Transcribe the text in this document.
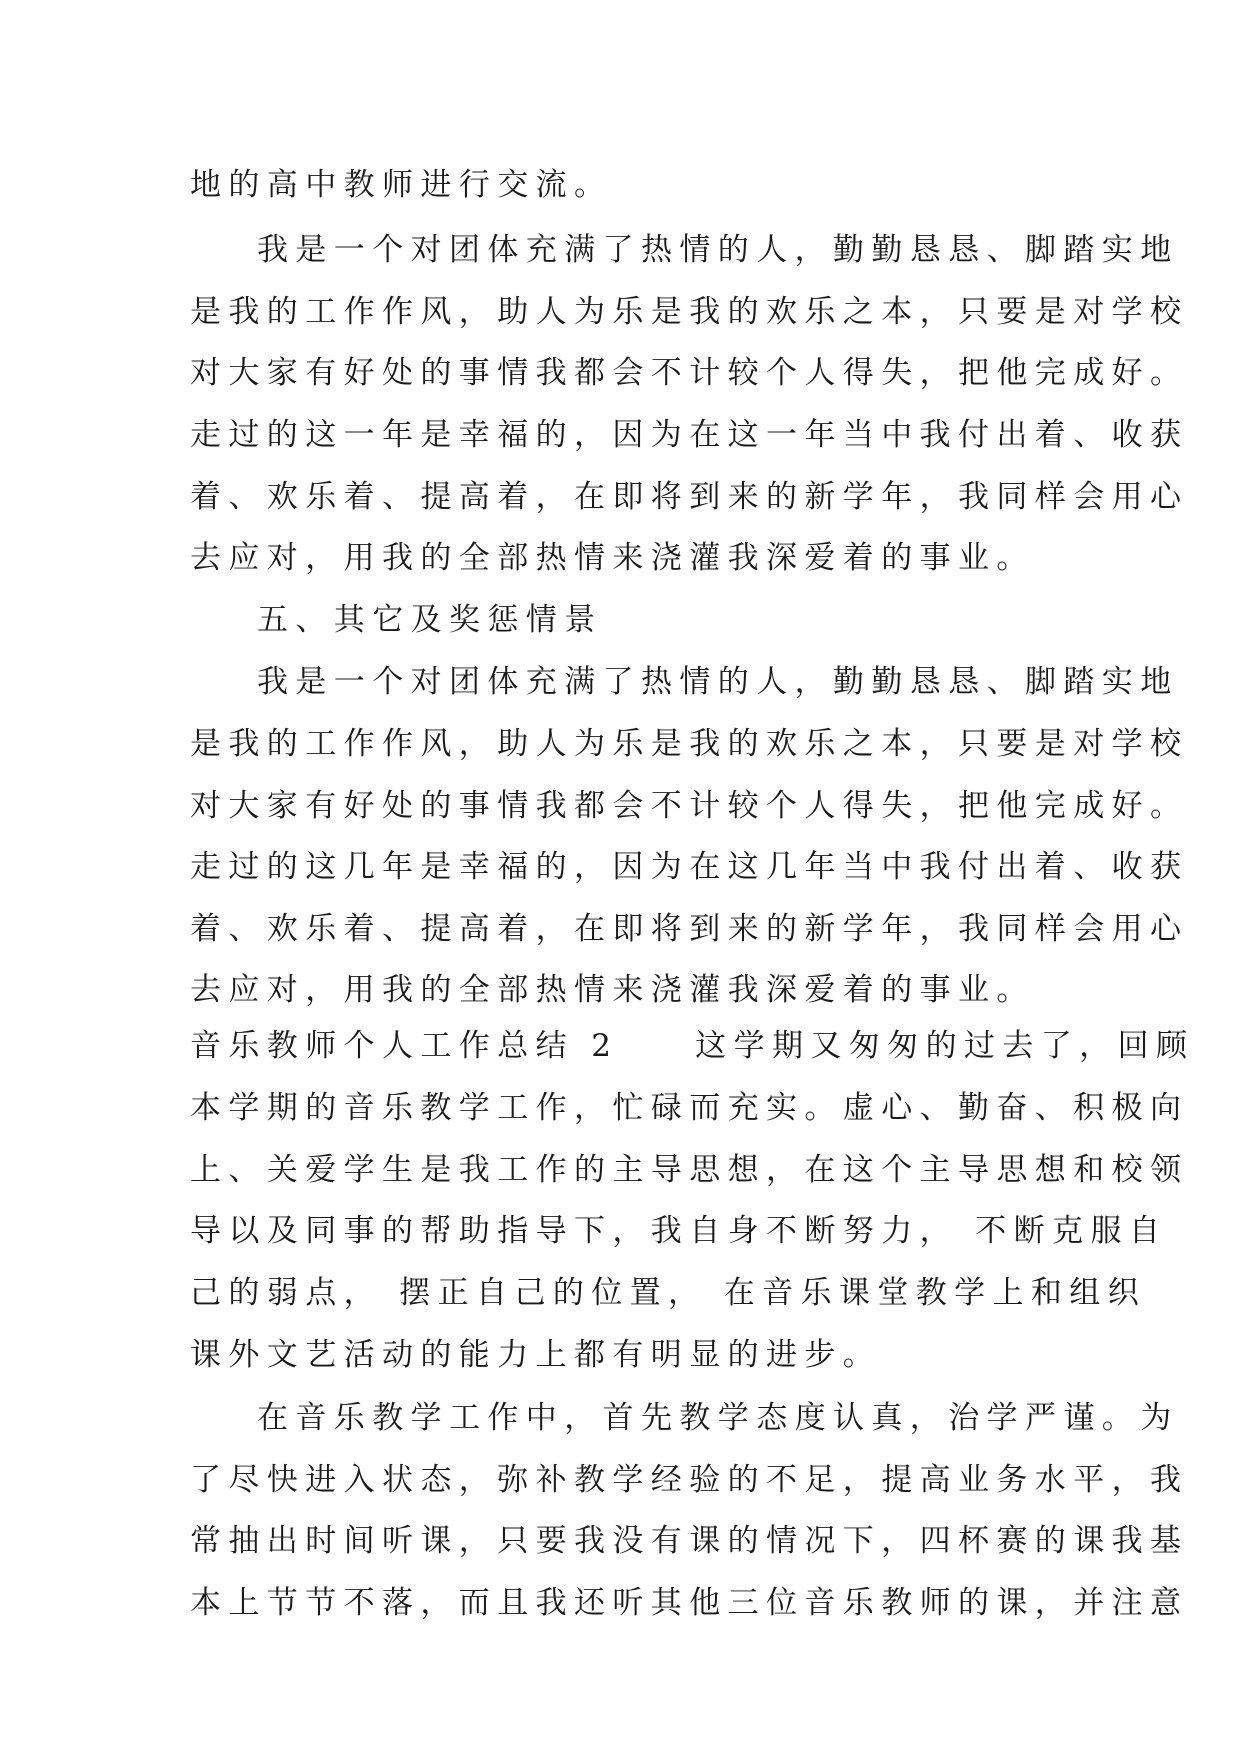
地的高中教师进行交流。
我是一个对团体充满了热情的人，勤勤恳恳、脚踏实地
是我的工作作风，助人为乐是我的欢乐之本，只要是对学校
对大家有好处的事情我都会不计较个人得失，把他完成好。
走过的这一年是幸福的，因为在这一年当中我付出着、收获
着、欢乐着、提高着，在即将到来的新学年，我同样会用心
去应对，用我的全部热情来浇灌我深爱着的事业。
五、其它及奖惩情景
我是一个对团体充满了热情的人，勤勤恳恳、脚踏实地
是我的工作作风，助人为乐是我的欢乐之本，只要是对学校
对大家有好处的事情我都会不计较个人得失，把他完成好。
走过的这几年是幸福的，因为在这几年当中我付出着、收获
着、欢乐着、提高着，在即将到来的新学年，我同样会用心
去应对，用我的全部热情来浇灌我深爱着的事业。
音乐教师个人工作总结 2　　这学期又匆匆的过去了，回顾
本学期的音乐教学工作，忙碌而充实。虚心、勤奋、积极向
上、关爱学生是我工作的主导思想，在这个主导思想和校领
导以及同事的帮助指导下，我自身不断努力， 不断克服自
己的弱点， 摆正自己的位置， 在音乐课堂教学上和组织
课外文艺活动的能力上都有明显的进步。
在音乐教学工作中，首先教学态度认真，治学严谨。为
了尽快进入状态，弥补教学经验的不足，提高业务水平，我
常抽出时间听课，只要我没有课的情况下，四杯赛的课我基
本上节节不落，而且我还听其他三位音乐教师的课，并注意
